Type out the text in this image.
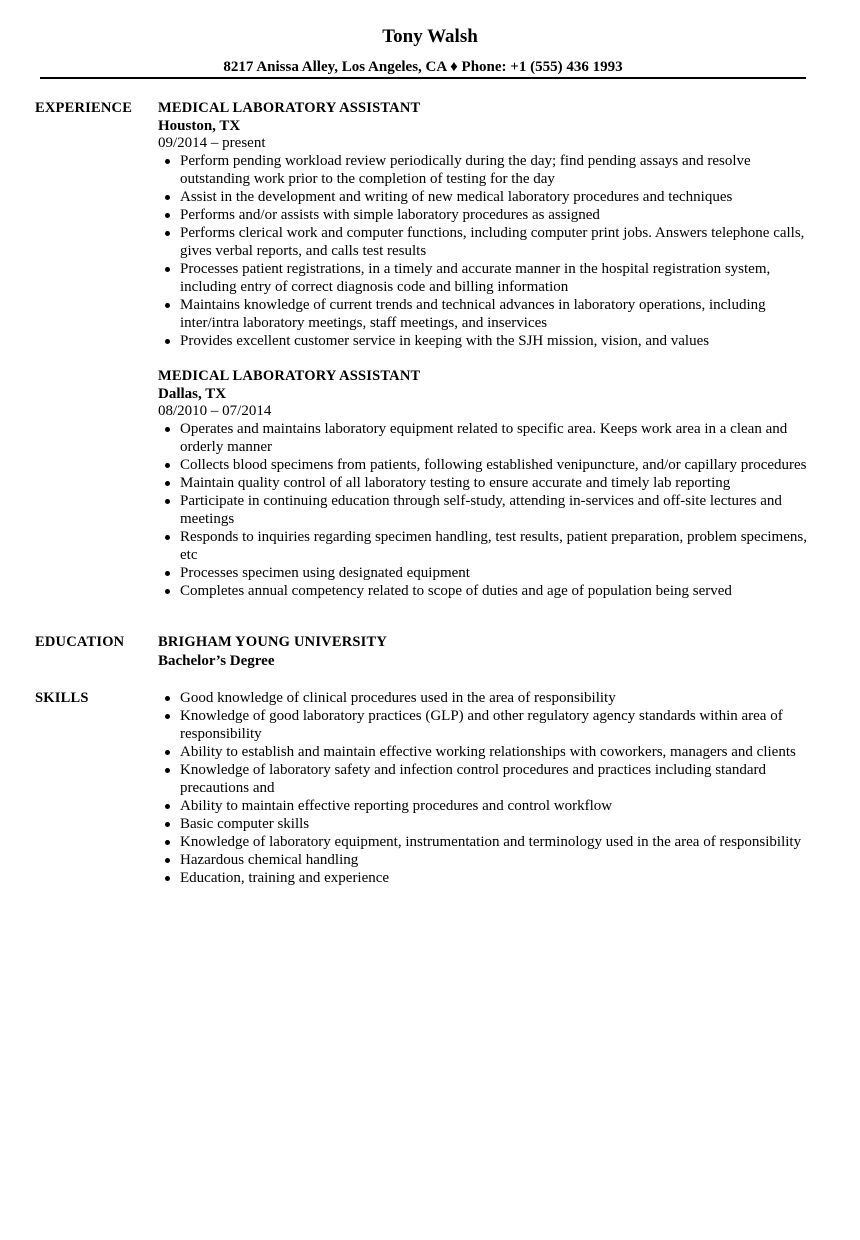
Tony Walsh
8217 Anissa Alley, Los Angeles, CA ♦ Phone: +1 (555) 436 1993
EXPERIENCE MEDICAL LABORATORY ASSISTANT
Houston, TX
09/2014 – present
Perform pending workload review periodically during the day; find pending assays and resolve outstanding work prior to the completion of testing for the day
Assist in the development and writing of new medical laboratory procedures and techniques
Performs and/or assists with simple laboratory procedures as assigned
Performs clerical work and computer functions, including computer print jobs. Answers telephone calls, gives verbal reports, and calls test results
Processes patient registrations, in a timely and accurate manner in the hospital registration system, including entry of correct diagnosis code and billing information
Maintains knowledge of current trends and technical advances in laboratory operations, including inter/intra laboratory meetings, staff meetings, and inservices
Provides excellent customer service in keeping with the SJH mission, vision, and values
MEDICAL LABORATORY ASSISTANT
Dallas, TX
08/2010 – 07/2014
Operates and maintains laboratory equipment related to specific area. Keeps work area in a clean and orderly manner
Collects blood specimens from patients, following established venipuncture, and/or capillary procedures
Maintain quality control of all laboratory testing to ensure accurate and timely lab reporting
Participate in continuing education through self-study, attending in-services and off-site lectures and meetings
Responds to inquiries regarding specimen handling, test results, patient preparation, problem specimens, etc
Processes specimen using designated equipment
Completes annual competency related to scope of duties and age of population being served
EDUCATION BRIGHAM YOUNG UNIVERSITY
Bachelor’s Degree
SKILLS	Good knowledge of clinical procedures used in the area of responsibility
Knowledge of good laboratory practices (GLP) and other regulatory agency standards within area of responsibility
Ability to establish and maintain effective working relationships with coworkers, managers and clients
Knowledge of laboratory safety and infection control procedures and practices including standard precautions and
Ability to maintain effective reporting procedures and control workflow
Basic computer skills
Knowledge of laboratory equipment, instrumentation and terminology used in the area of responsibility
Hazardous chemical handling
Education, training and experience
